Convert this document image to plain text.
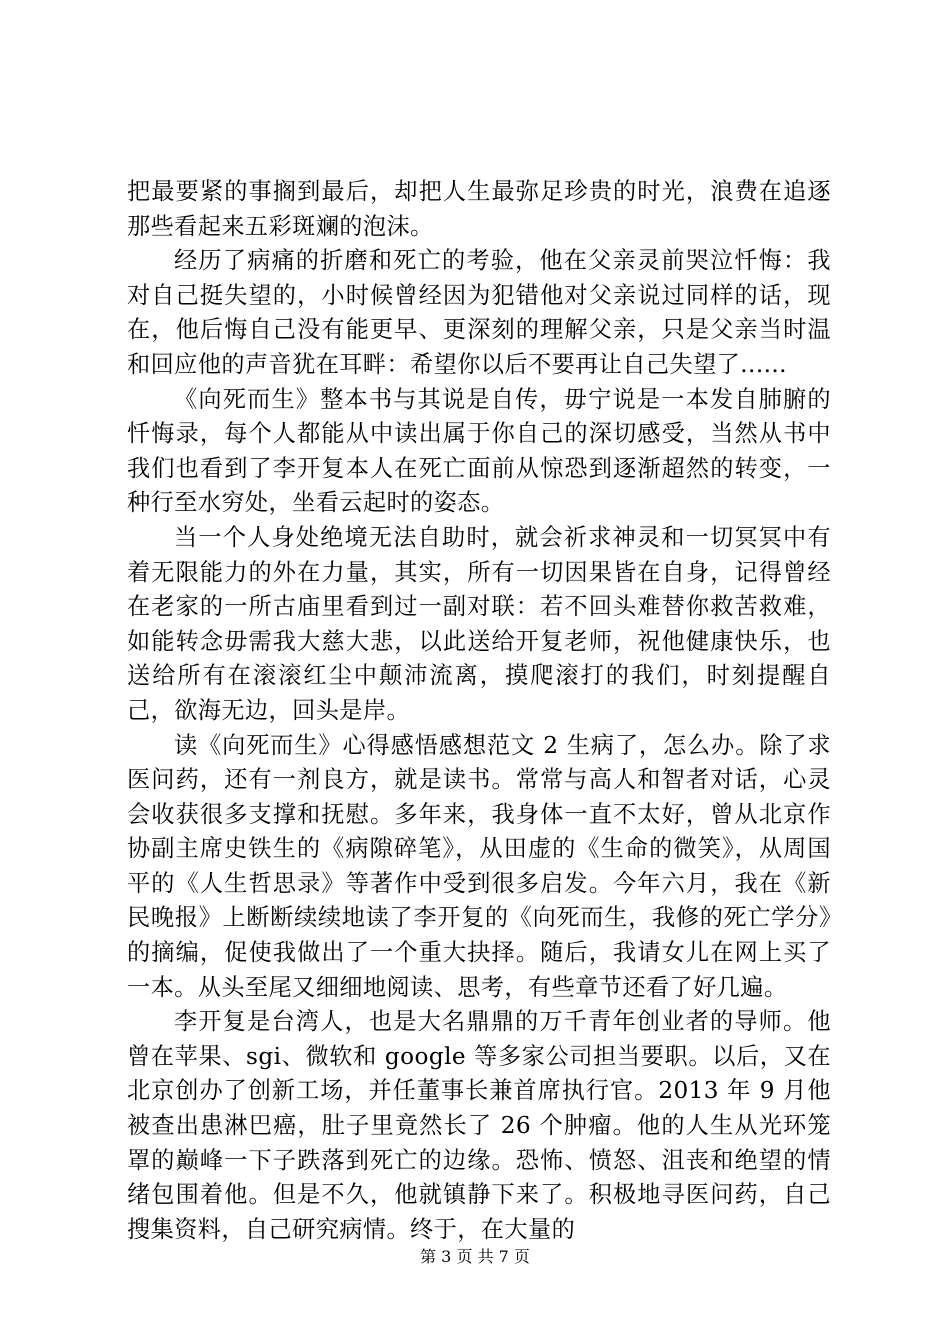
把最要紧的事搁到最后，却把人生最弥足珍贵的时光，浪费在追逐那些看起来五彩斑斓的泡沫。

经历了病痛的折磨和死亡的考验，他在父亲灵前哭泣忏悔：我对自己挺失望的，小时候曾经因为犯错他对父亲说过同样的话，现在，他后悔自己没有能更早、更深刻的理解父亲，只是父亲当时温和回应他的声音犹在耳畔：希望你以后不要再让自己失望了......

《向死而生》整本书与其说是自传，毋宁说是一本发自肺腑的忏悔录，每个人都能从中读出属于你自己的深切感受，当然从书中我们也看到了李开复本人在死亡面前从惊恐到逐渐超然的转变，一种行至水穷处，坐看云起时的姿态。

当一个人身处绝境无法自助时，就会祈求神灵和一切冥冥中有着无限能力的外在力量，其实，所有一切因果皆在自身，记得曾经在老家的一所古庙里看到过一副对联：若不回头难替你救苦救难，如能转念毋需我大慈大悲，以此送给开复老师，祝他健康快乐，也送给所有在滚滚红尘中颠沛流离，摸爬滚打的我们，时刻提醒自己，欲海无边，回头是岸。

读《向死而生》心得感悟感想范文 2 生病了，怎么办。除了求医问药，还有一剂良方，就是读书。常常与高人和智者对话，心灵会收获很多支撑和抚慰。多年来，我身体一直不太好，曾从北京作协副主席史铁生的《病隙碎笔》，从田虚的《生命的微笑》，从周国平的《人生哲思录》等著作中受到很多启发。今年六月，我在《新民晚报》上断断续续地读了李开复的《向死而生，我修的死亡学分》的摘编，促使我做出了一个重大抉择。随后，我请女儿在网上买了一本。从头至尾又细细地阅读、思考，有些章节还看了好几遍。

李开复是台湾人，也是大名鼎鼎的万千青年创业者的导师。他曾在苹果、sgi、微软和 google 等多家公司担当要职。以后，又在北京创办了创新工场，并任董事长兼首席执行官。2013 年 9 月他被查出患淋巴癌，肚子里竟然长了 26 个肿瘤。他的人生从光环笼罩的巅峰一下子跌落到死亡的边缘。恐怖、愤怒、沮丧和绝望的情绪包围着他。但是不久，他就镇静下来了。积极地寻医问药，自己搜集资料，自己研究病情。终于，在大量的

第 3 页 共 7 页
